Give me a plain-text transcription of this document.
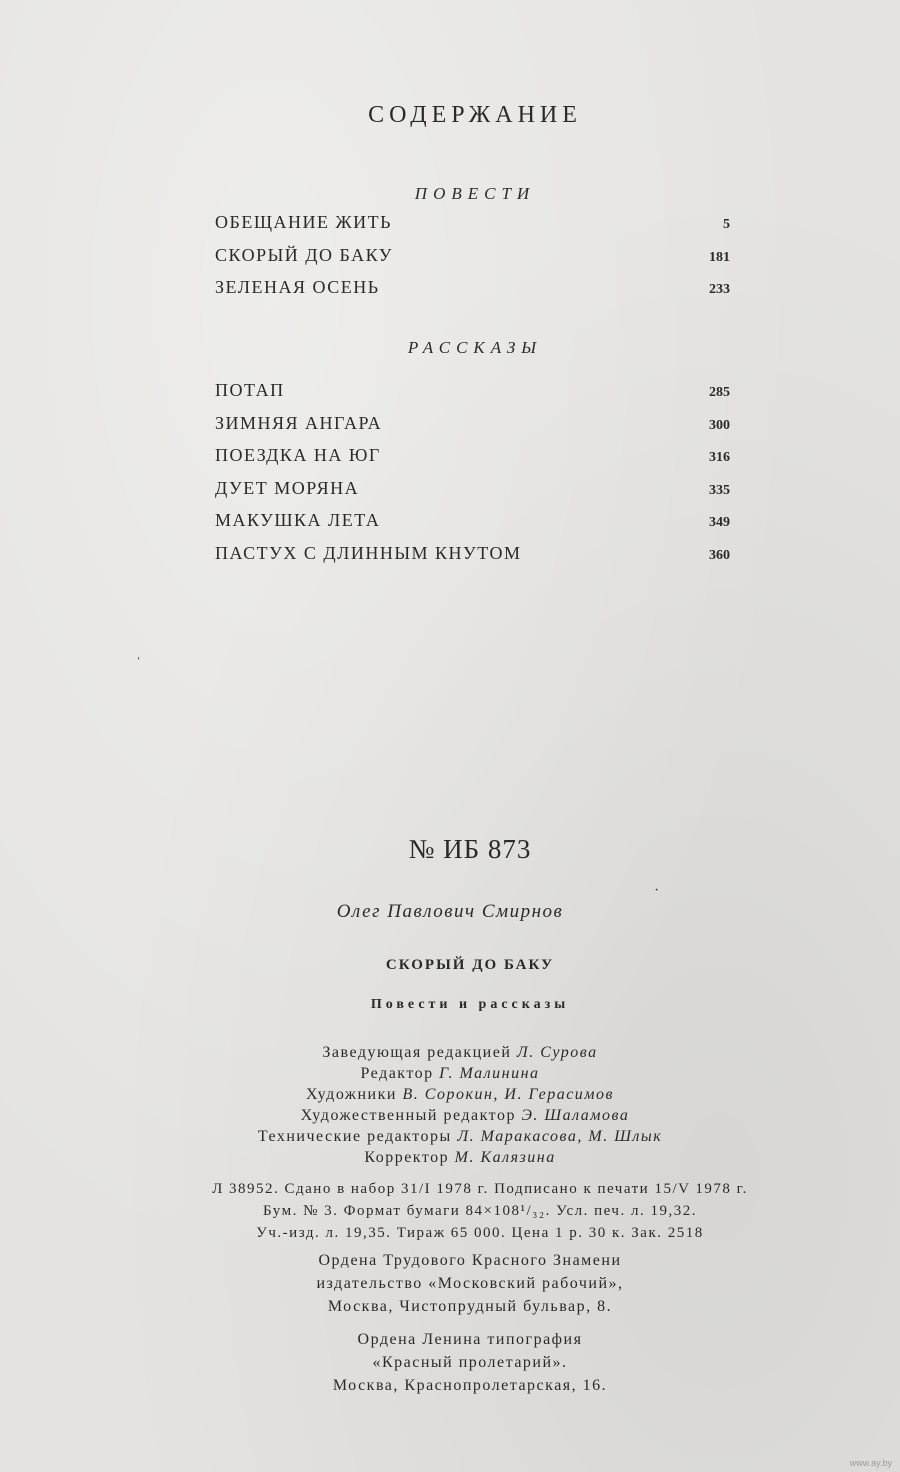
СОДЕРЖАНИЕ
ПОВЕСТИ
ОБЕЩАНИЕ ЖИТЬ	5
СКОРЫЙ ДО БАКУ	181
ЗЕЛЕНАЯ ОСЕНЬ	233
РАССКАЗЫ
ПОТАП	285
ЗИМНЯЯ АНГАРА	300
ПОЕЗДКА НА ЮГ	316
ДУЕТ МОРЯНА	335
МАКУШКА ЛЕТА	349
ПАСТУХ С ДЛИННЫМ КНУТОМ	360
ˈ
·
№ ИБ 873
Олег Павлович Смирнов
СКОРЫЙ ДО БАКУ
Повести и рассказы
Заведующая редакцией Л. Сурова
Редактор Г. Малинина
Художники В. Сорокин, И. Герасимов
Художественный редактор Э. Шаламова
Технические редакторы Л. Маракасова, М. Шлык
Корректор М. Калязина
Л 38952. Сдано в набор 31/I 1978 г. Подписано к печати 15/V 1978 г.
Бум. № 3. Формат бумаги 84×108¹/₃₂. Усл. печ. л. 19,32.
Уч.-изд. л. 19,35. Тираж 65 000. Цена 1 р. 30 к. Зак. 2518
Ордена Трудового Красного Знамени
издательство «Московский рабочий»,
Москва, Чистопрудный бульвар, 8.
Ордена Ленина типография
«Красный пролетарий».
Москва, Краснопролетарская, 16.
www.ay.by
